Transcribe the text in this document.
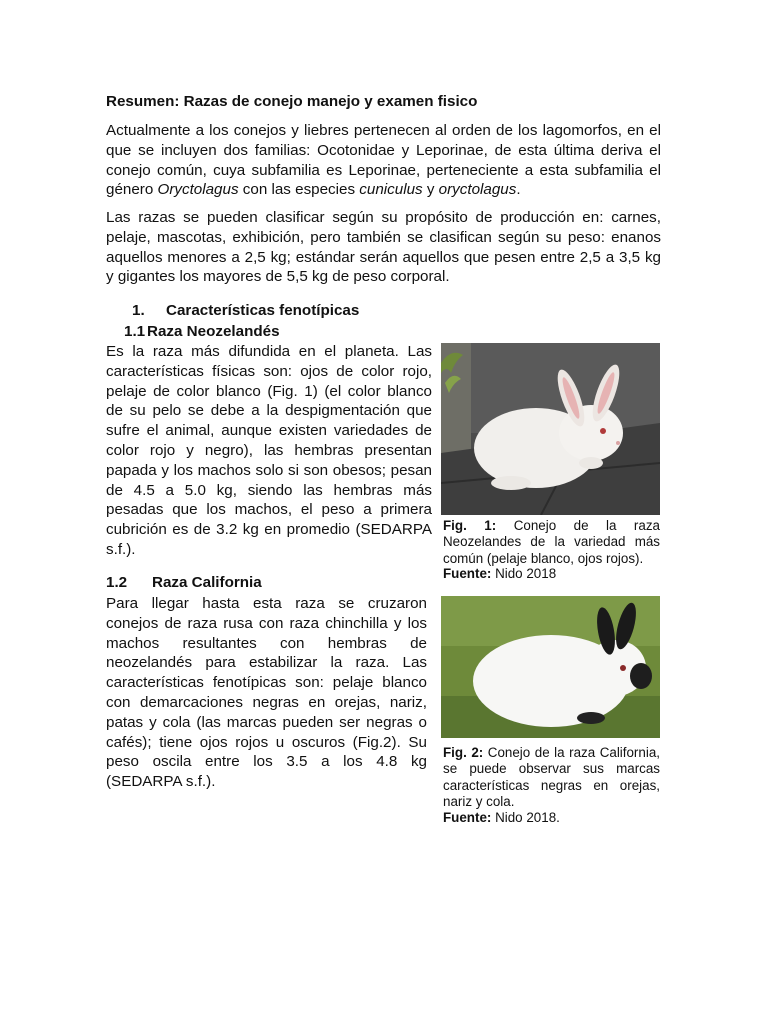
Resumen: Razas de conejo manejo y examen fisico

Actualmente a los conejos y liebres pertenecen al orden de los lagomorfos, en el que se incluyen dos familias: Ocotonidae y Leporinae, de esta última deriva el conejo común, cuya subfamilia es Leporinae, perteneciente a esta subfamilia el género Oryctolagus con las especies cuniculus y oryctolagus.

Las razas se pueden clasificar según su propósito de producción en: carnes, pelaje, mascotas, exhibición, pero también se clasifican según su peso: enanos aquellos menores a 2,5 kg; estándar serán aquellos que pesen entre 2,5 a 3,5 kg y gigantes los mayores de 5,5 kg de peso corporal.

1. Características fenotípicas
1.1 Raza Neozelandés

Es la raza más difundida en el planeta. Las características físicas son: ojos de color rojo, pelaje de color blanco (Fig. 1) (el color blanco de su pelo se debe a la despigmentación que sufre el animal, aunque existen variedades de color rojo y negro), las hembras presentan papada y los machos solo si son obesos; pesan de 4.5 a 5.0 kg, siendo las hembras más pesadas que los machos, el peso a primera cubrición es de 3.2 kg en promedio (SEDARPA s.f.).

Fig. 1: Conejo de la raza Neozelandes de la variedad más común (pelaje blanco, ojos rojos).

Fuente: Nido 2018

1.2 Raza California

Para llegar hasta esta raza se cruzaron conejos de raza rusa con raza chinchilla y los machos resultantes con hembras de neozelandés para estabilizar la raza. Las características fenotípicas son: pelaje blanco con demarcaciones negras en orejas, nariz, patas y cola (las marcas pueden ser negras o cafés); tiene ojos rojos u oscuros (Fig.2). Su peso oscila entre los 3.5 a los 4.8 kg (SEDARPA s.f.).

Fig. 2: Conejo de la raza California, se puede observar sus marcas características negras en orejas, nariz y cola.

Fuente: Nido 2018.
